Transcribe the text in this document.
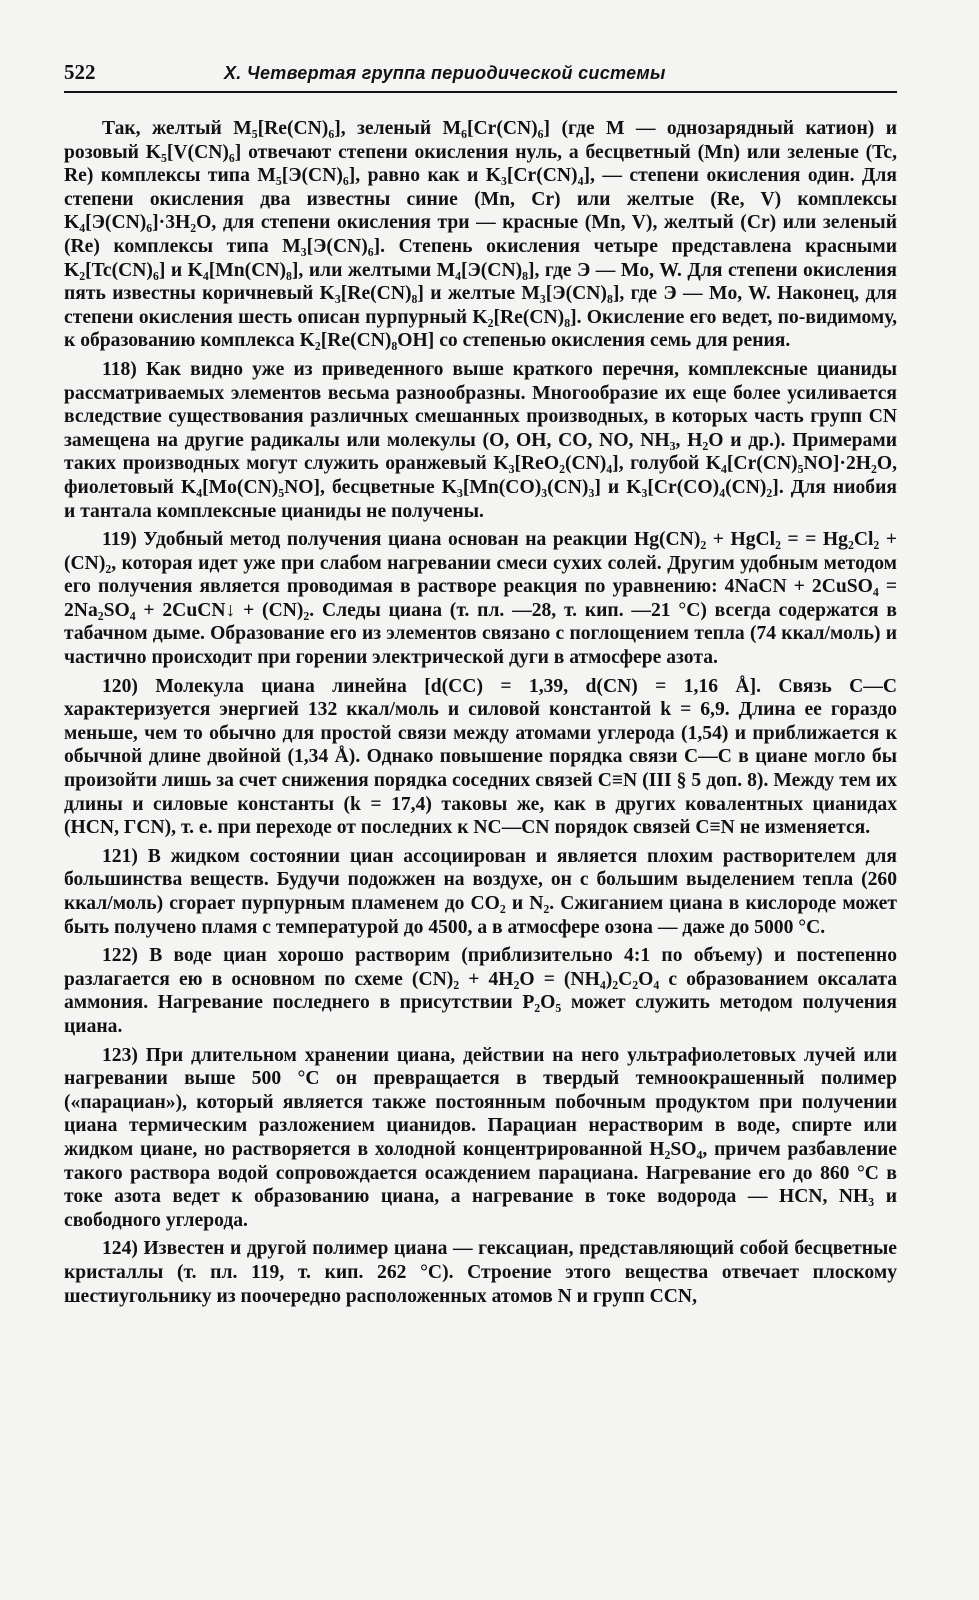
522	X. Четвертая группа периодической системы

Так, желтый M₅[Re(CN)₆], зеленый M₆[Cr(CN)₆] (где M — однозарядный катион) и розовый K₅[V(CN)₆] отвечают степени окисления нуль, а бесцветный (Mn) или зеленые (Tc, Re) комплексы типа M₅[Э(CN)₆], равно как и K₃[Cr(CN)₄], — степени окисления один. Для степени окисления два известны синие (Mn, Cr) или желтые (Re, V) комплексы K₄[Э(CN)₆]·3H₂O, для степени окисления три — красные (Mn, V), желтый (Cr) или зеленый (Re) комплексы типа M₃[Э(CN)₆]. Степень окисления четыре представлена красными K₂[Tc(CN)₆] и K₄[Mn(CN)₈], или желтыми M₄[Э(CN)₈], где Э — Mo, W. Для степени окисления пять известны коричневый K₃[Re(CN)₈] и желтые M₃[Э(CN)₈], где Э — Mo, W. Наконец, для степени окисления шесть описан пурпурный K₂[Re(CN)₈]. Окисление его ведет, по-видимому, к образованию комплекса K₂[Re(CN)₈OH] со степенью окисления семь для рения.

118) Как видно уже из приведенного выше краткого перечня, комплексные цианиды рассматриваемых элементов весьма разнообразны. Многообразие их еще более усиливается вследствие существования различных смешанных производных, в которых часть групп CN замещена на другие радикалы или молекулы (O, OH, CO, NO, NH₃, H₂O и др.). Примерами таких производных могут служить оранжевый K₃[ReO₂(CN)₄], голубой K₄[Cr(CN)₅NO]·2H₂O, фиолетовый K₄[Mo(CN)₅NO], бесцветные K₃[Mn(CO)₃(CN)₃] и K₃[Cr(CO)₄(CN)₂]. Для ниобия и тантала комплексные цианиды не получены.

119) Удобный метод получения циана основан на реакции Hg(CN)₂ + HgCl₂ = = Hg₂Cl₂ + (CN)₂, которая идет уже при слабом нагревании смеси сухих солей. Другим удобным методом его получения является проводимая в растворе реакция по уравнению: 4NaCN + 2CuSO₄ = 2Na₂SO₄ + 2CuCN↓ + (CN)₂. Следы циана (т. пл. —28, т. кип. —21 °C) всегда содержатся в табачном дыме. Образование его из элементов связано с поглощением тепла (74 ккал/моль) и частично происходит при горении электрической дуги в атмосфере азота.

120) Молекула циана линейна [d(CC) = 1,39, d(CN) = 1,16 Å]. Связь C—C характеризуется энергией 132 ккал/моль и силовой константой k = 6,9. Длина ее гораздо меньше, чем то обычно для простой связи между атомами углерода (1,54) и приближается к обычной длине двойной (1,34 Å). Однако повышение порядка связи C—C в циане могло бы произойти лишь за счет снижения порядка соседних связей C≡N (III § 5 доп. 8). Между тем их длины и силовые константы (k = 17,4) таковы же, как в других ковалентных цианидах (HCN, ГCN), т. е. при переходе от последних к NC—CN порядок связей C≡N не изменяется.

121) В жидком состоянии циан ассоциирован и является плохим растворителем для большинства веществ. Будучи подожжен на воздухе, он с большим выделением тепла (260 ккал/моль) сгорает пурпурным пламенем до CO₂ и N₂. Сжиганием циана в кислороде может быть получено пламя с температурой до 4500, а в атмосфере озона — даже до 5000 °C.

122) В воде циан хорошо растворим (приблизительно 4:1 по объему) и постепенно разлагается ею в основном по схеме (CN)₂ + 4H₂O = (NH₄)₂C₂O₄ с образованием оксалата аммония. Нагревание последнего в присутствии P₂O₅ может служить методом получения циана.

123) При длительном хранении циана, действии на него ультрафиолетовых лучей или нагревании выше 500 °C он превращается в твердый темноокрашенный полимер («парациан»), который является также постоянным побочным продуктом при получении циана термическим разложением цианидов. Парациан нерастворим в воде, спирте или жидком циане, но растворяется в холодной концентрированной H₂SO₄, причем разбавление такого раствора водой сопровождается осаждением парациана. Нагревание его до 860 °C в токе азота ведет к образованию циана, а нагревание в токе водорода — HCN, NH₃ и свободного углерода.

124) Известен и другой полимер циана — гексациан, представляющий собой бесцветные кристаллы (т. пл. 119, т. кип. 262 °C). Строение этого вещества отвечает плоскому шестиугольнику из поочередно расположенных атомов N и групп CCN,
